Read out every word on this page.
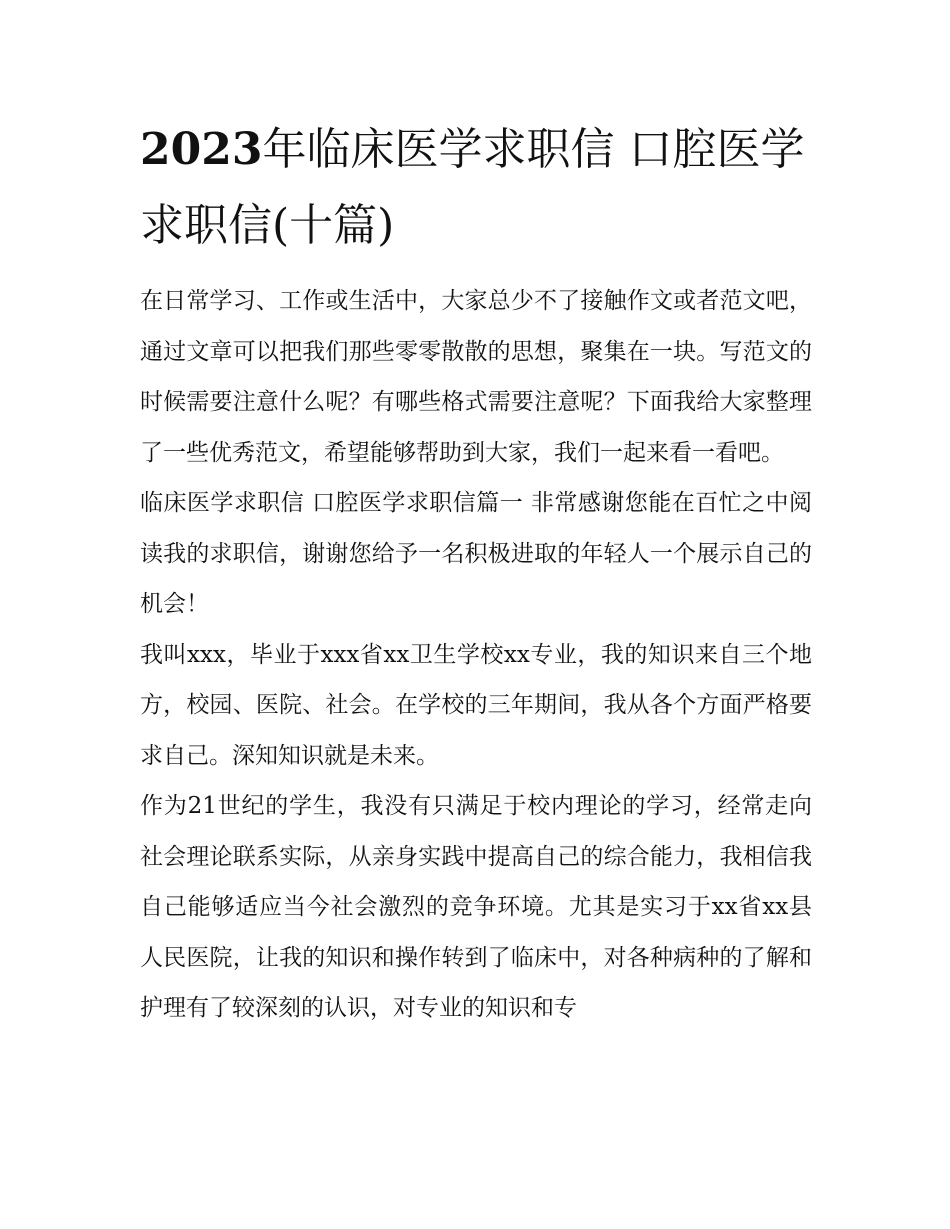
2023年临床医学求职信 口腔医学求职信(十篇)

在日常学习、工作或生活中，大家总少不了接触作文或者范文吧，通过文章可以把我们那些零零散散的思想，聚集在一块。写范文的时候需要注意什么呢？有哪些格式需要注意呢？下面我给大家整理了一些优秀范文，希望能够帮助到大家，我们一起来看一看吧。

临床医学求职信 口腔医学求职信篇一 非常感谢您能在百忙之中阅读我的求职信，谢谢您给予一名积极进取的年轻人一个展示自己的机会！

我叫xxx，毕业于xxx省xx卫生学校xx专业，我的知识来自三个地方，校园、医院、社会。在学校的三年期间，我从各个方面严格要求自己。深知知识就是未来。

作为21世纪的学生，我没有只满足于校内理论的学习，经常走向社会理论联系实际，从亲身实践中提高自己的综合能力，我相信我自己能够适应当今社会激烈的竞争环境。尤其是实习于xx省xx县人民医院，让我的知识和操作转到了临床中，对各种病种的了解和护理有了较深刻的认识，对专业的知识和专
